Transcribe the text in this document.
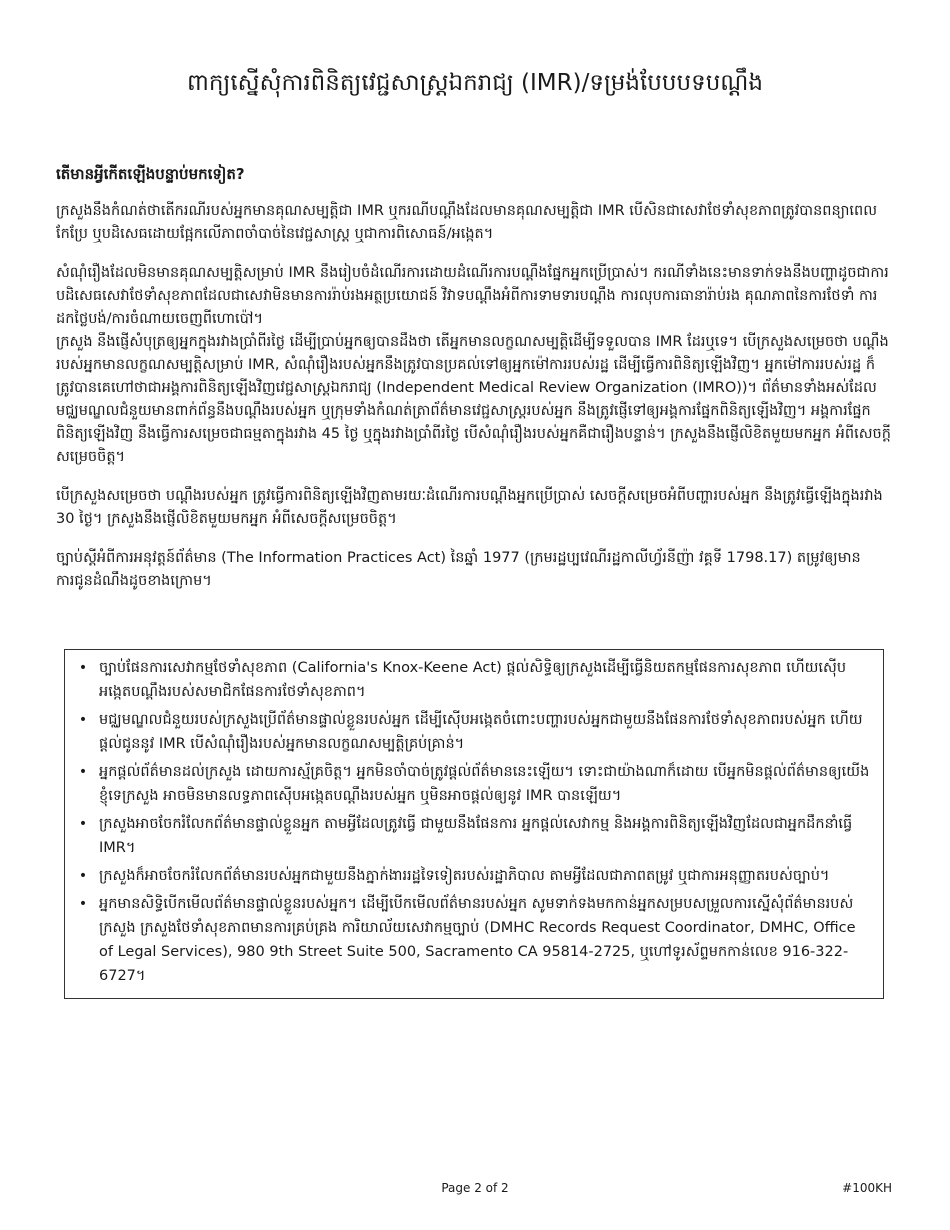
ពាក្យស្នើសុំការពិនិត្យវេជ្ជសាស្ត្រឯករាជ្យ (IMR)/ទម្រង់បែបបទបណ្ដឹង
តើមានអ្វីកើតឡើងបន្ទាប់មកទៀត?

ក្រសួងនឹងកំណត់ថាតើករណីរបស់អ្នកមានគុណសម្បត្តិជា IMR ឬករណីបណ្ដឹងដែលមានគុណសម្បត្តិជា IMR បើសិនជាសេវាថែទាំសុខភាពត្រូវបានពន្យាពេល កែប្រែ ឬបដិសេធដោយផ្អែកលើភាពចាំបាច់នៃវេជ្ជសាស្ត្រ ឬជាការពិសោធន៍/អង្កេត។

សំណុំរឿងដែលមិនមានគុណសម្បត្តិសម្រាប់ IMR នឹងរៀបចំដំណើរការដោយដំណើរការបណ្ដឹងផ្នែកអ្នកប្រើប្រាស់។ ករណីទាំងនេះមានទាក់ទងនឹងបញ្ហាដូចជាការបដិសេធសេវាថែទាំសុខភាពដែលជាសេវាមិនមានការរ៉ាប់រងអត្ថប្រយោជន៍ វិវាទបណ្ដឹងអំពីការទាមទារបណ្ដឹង ការលុបការធានារ៉ាប់រង គុណភាពនៃការថែទាំ ការដកថ្លៃបង់/ការចំណាយចេញពីហោប៉ៅ។

ក្រសួង នឹងផ្ញើសំបុត្រឲ្យអ្នកក្នុងរវាងប្រាំពីរថ្ងៃ ដើម្បីប្រាប់អ្នកឲ្យបានដឹងថា តើអ្នកមានលក្ខណសម្បត្តិដើម្បីទទួលបាន IMR ដែរឬទេ។ បើក្រសួងសម្រេចថា បណ្ដឹងរបស់អ្នកមានលក្ខណសម្បត្តិសម្រាប់ IMR, សំណុំរឿងរបស់អ្នកនឹងត្រូវបានប្រគល់ទៅឲ្យអ្នកម៉ៅការរបស់រដ្ឋ ដើម្បីធ្វើការពិនិត្យឡើងវិញ។ អ្នកម៉ៅការរបស់រដ្ឋ ក៏ត្រូវបានគេហៅថាជាអង្គការពិនិត្យឡើងវិញវេជ្ជសាស្ត្រឯករាជ្យ (Independent Medical Review Organization (IMRO))។ ព័ត៌មានទាំងអស់ដែលមជ្ឈមណ្ឌលជំនួយមានពាក់ព័ន្ធនឹងបណ្ដឹងរបស់អ្នក ឬក្រុមទាំងកំណត់ត្រាព័ត៌មានវេជ្ជសាស្ត្ររបស់អ្នក នឹងត្រូវផ្ញើទៅឲ្យអង្គការផ្នែកពិនិត្យឡើងវិញ។ អង្គការផ្នែកពិនិត្យឡើងវិញ នឹងធ្វើការសម្រេចជាធម្មតាក្នុងរវាង 45 ថ្ងៃ ឬក្នុងរវាងប្រាំពីរថ្ងៃ បើសំណុំរឿងរបស់អ្នកគឺជារឿងបន្ទាន់។ ក្រសួងនឹងផ្ញើលិខិតមួយមកអ្នក អំពីសេចក្ដីសម្រេចចិត្ត។

បើក្រសួងសម្រេចថា បណ្ដឹងរបស់អ្នក ត្រូវធ្វើការពិនិត្យឡើងវិញតាមរយៈដំណើរការបណ្ដឹងអ្នកប្រើប្រាស់ សេចក្ដីសម្រេចអំពីបញ្ហារបស់អ្នក នឹងត្រូវធ្វើឡើងក្នុងរវាង 30 ថ្ងៃ។ ក្រសួងនឹងផ្ញើលិខិតមួយមកអ្នក អំពីសេចក្ដីសម្រេចចិត្ត។

ច្បាប់ស្ដីអំពីការអនុវត្តន៍ព័ត៌មាន (The Information Practices Act) នៃឆ្នាំ 1977 (ក្រមរដ្ឋប្បវេណីរដ្ឋកាលីហ្វ័រនីញ៉ា វគ្គទី 1798.17) តម្រូវឲ្យមានការជូនដំណឹងដូចខាងក្រោម។

• ច្បាប់ផែនការសេវាកម្មថែទាំសុខភាព (California's Knox-Keene Act) ផ្ដល់សិទ្ធិឲ្យក្រសួងដើម្បីធ្វើនិយតកម្មផែនការសុខភាព ហើយស៊ើបអង្កេតបណ្ដឹងរបស់សមាជិកផែនការថែទាំសុខភាព។
• មជ្ឈមណ្ឌលជំនួយរបស់ក្រសួងប្រើព័ត៌មានផ្ទាល់ខ្លួនរបស់អ្នក ដើម្បីស៊ើបអង្កេតចំពោះបញ្ហារបស់អ្នកជាមួយនឹងផែនការថែទាំសុខភាពរបស់អ្នក ហើយផ្ដល់ជូននូវ IMR បើសំណុំរឿងរបស់អ្នកមានលក្ខណសម្បត្តិគ្រប់គ្រាន់។
• អ្នកផ្ដល់ព័ត៌មានដល់ក្រសួង ដោយការស្ម័គ្រចិត្ត។ អ្នកមិនចាំបាច់ត្រូវផ្ដល់ព័ត៌មាននេះឡើយ។ ទោះជាយ៉ាងណាក៏ដោយ បើអ្នកមិនផ្ដល់ព័ត៌មានឲ្យយើងខ្ញុំទេក្រសួង អាចមិនមានលទ្ធភាពស៊ើបអង្កេតបណ្ដឹងរបស់អ្នក ឬមិនអាចផ្ដល់ឲ្យនូវ IMR បានឡើយ។
• ក្រសួងអាចចែករំលែកព័ត៌មានផ្ទាល់ខ្លួនអ្នក តាមអ្វីដែលត្រូវធ្វើ ជាមួយនឹងផែនការ អ្នកផ្ដល់សេវាកម្ម និងអង្គការពិនិត្យឡើងវិញដែលជាអ្នកដឹកនាំធ្វើ IMR។
• ក្រសួងក៏អាចចែករំលែកព័ត៌មានរបស់អ្នកជាមួយនឹងភ្នាក់ងាររដ្ឋទៃទៀតរបស់រដ្ឋាភិបាល តាមអ្វីដែលជាភាពតម្រូវ ឬជាការអនុញ្ញាតរបស់ច្បាប់។
• អ្នកមានសិទ្ធិបើកមើលព័ត៌មានផ្ទាល់ខ្លួនរបស់អ្នក។ ដើម្បីបើកមើលព័ត៌មានរបស់អ្នក សូមទាក់ទងមកកាន់អ្នកសម្របសម្រួលការស្នើសុំព័ត៌មានរបស់ក្រសួង ក្រសួងថែទាំសុខភាពមានការគ្រប់គ្រង ការិយាល័យសេវាកម្មច្បាប់ (DMHC Records Request Coordinator, DMHC, Office of Legal Services), 980 9th Street Suite 500, Sacramento CA 95814-2725, ឬហៅទូរស័ព្ទមកកាន់លេខ 916-322-6727។
Page 2 of 2	#100KH
